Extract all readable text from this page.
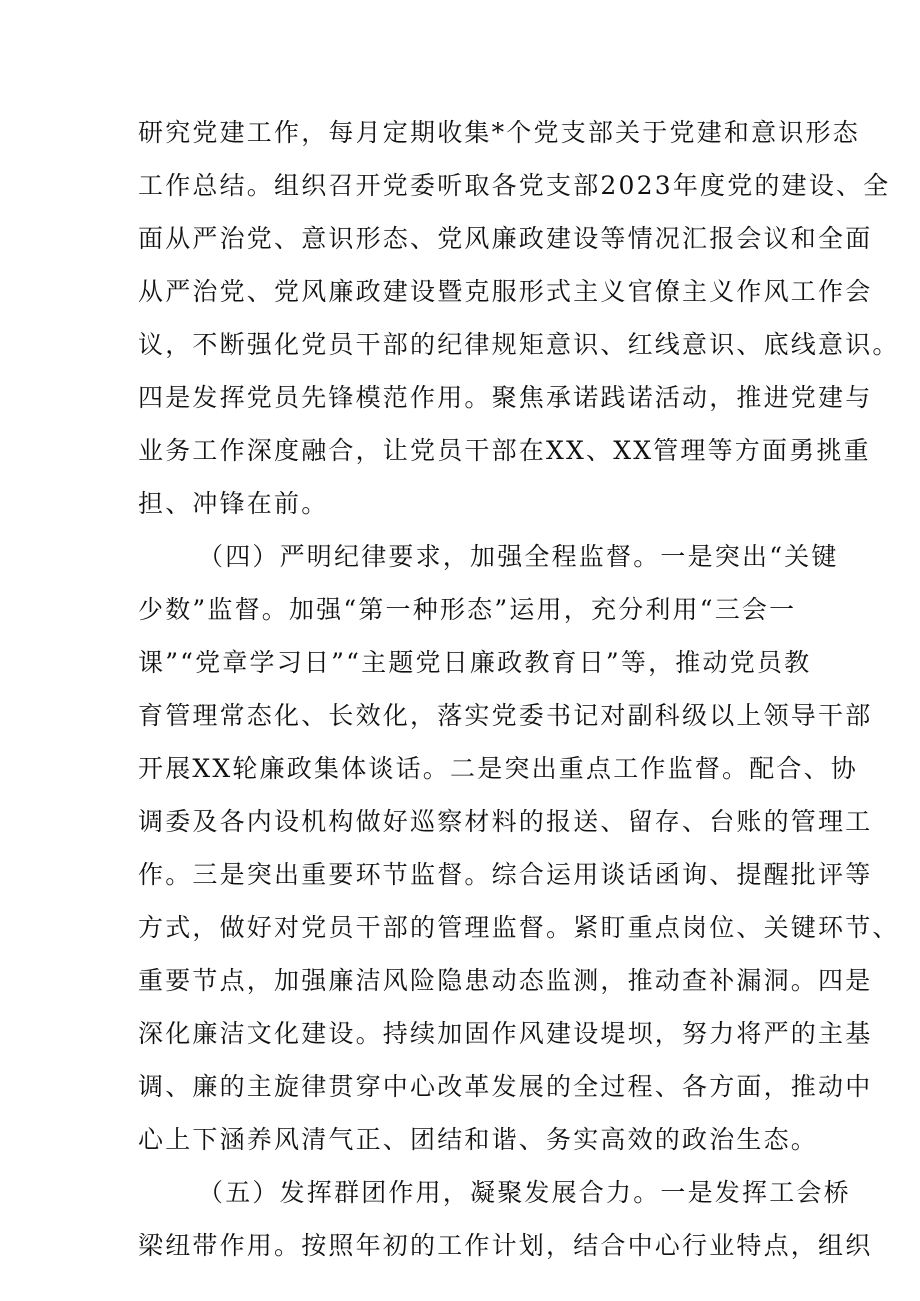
研究党建工作，每月定期收集*个党支部关于党建和意识形态
工作总结。组织召开党委听取各党支部2023年度党的建设、全
面从严治党、意识形态、党风廉政建设等情况汇报会议和全面
从严治党、党风廉政建设暨克服形式主义官僚主义作风工作会
议，不断强化党员干部的纪律规矩意识、红线意识、底线意识。
四是发挥党员先锋模范作用。聚焦承诺践诺活动，推进党建与
业务工作深度融合，让党员干部在XX、XX管理等方面勇挑重
担、冲锋在前。
（四）严明纪律要求，加强全程监督。一是突出“关键
少数”监督。加强“第一种形态”运用，充分利用“三会一
课”“党章学习日”“主题党日廉政教育日”等，推动党员教
育管理常态化、长效化，落实党委书记对副科级以上领导干部
开展XX轮廉政集体谈话。二是突出重点工作监督。配合、协
调委及各内设机构做好巡察材料的报送、留存、台账的管理工
作。三是突出重要环节监督。综合运用谈话函询、提醒批评等
方式，做好对党员干部的管理监督。紧盯重点岗位、关键环节、
重要节点，加强廉洁风险隐患动态监测，推动查补漏洞。四是
深化廉洁文化建设。持续加固作风建设堤坝，努力将严的主基
调、廉的主旋律贯穿中心改革发展的全过程、各方面，推动中
心上下涵养风清气正、团结和谐、务实高效的政治生态。
（五）发挥群团作用，凝聚发展合力。一是发挥工会桥
梁纽带作用。按照年初的工作计划，结合中心行业特点，组织
